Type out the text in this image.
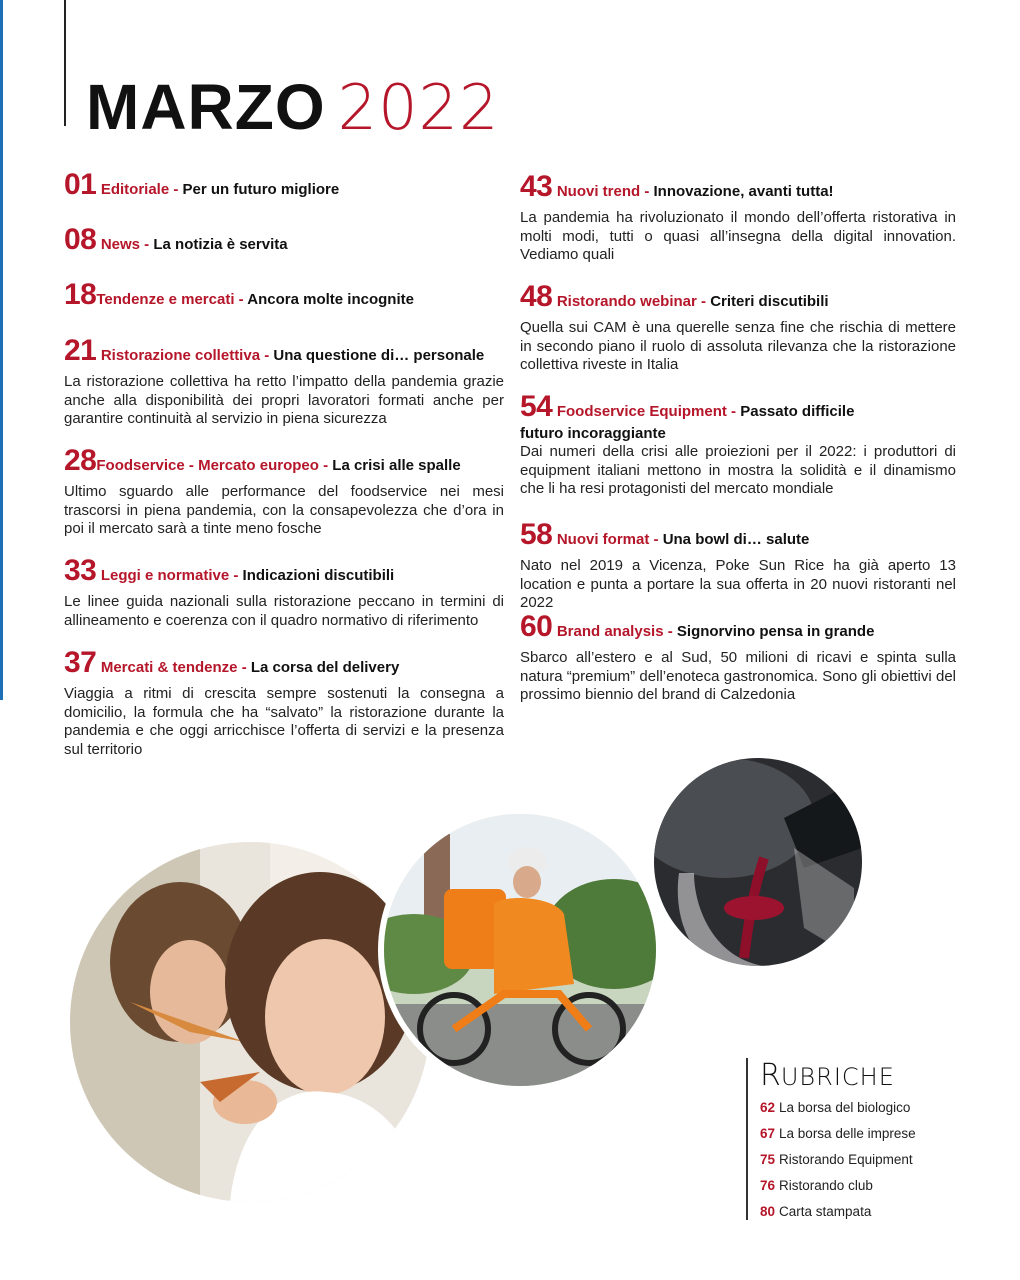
MARZO 2022
01 Editoriale - Per un futuro migliore
08 News - La notizia è servita
18Tendenze e mercati - Ancora molte incognite
21 Ristorazione collettiva - Una questione di… personale

La ristorazione collettiva ha retto l’impatto della pandemia grazie anche alla disponibilità dei propri lavoratori formati anche per garantire continuità al servizio in piena sicurezza

28Foodservice - Mercato europeo - La crisi alle spalle

Ultimo sguardo alle performance del foodservice nei mesi trascorsi in piena pandemia, con la consapevolezza che d’ora in poi il mercato sarà a tinte meno fosche

33 Leggi e normative - Indicazioni discutibili

Le linee guida nazionali sulla ristorazione peccano in termini di allineamento e coerenza con il quadro normativo di riferimento

37 Mercati & tendenze - La corsa del delivery

Viaggia a ritmi di crescita sempre sostenuti la consegna a domicilio, la formula che ha “salvato” la ristorazione durante la pandemia e che oggi arricchisce l’offerta di servizi e la presenza sul territorio

43 Nuovi trend - Innovazione, avanti tutta!

La pandemia ha rivoluzionato il mondo dell’offerta ristorativa in molti modi, tutti o quasi all’insegna della digital innovation. Vediamo quali

48 Ristorando webinar - Criteri discutibili

Quella sui CAM è una querelle senza fine che rischia di mettere in secondo piano il ruolo di assoluta rilevanza che la ristorazione collettiva riveste in Italia

54 Foodservice Equipment - Passato difficile
futuro incoraggiante

Dai numeri della crisi alle proiezioni per il 2022: i produttori di equipment italiani mettono in mostra la solidità e il dinamismo che li ha resi protagonisti del mercato mondiale

58 Nuovi format - Una bowl di… salute

Nato nel 2019 a Vicenza, Poke Sun Rice ha già aperto 13 location e punta a portare la sua offerta in 20 nuovi ristoranti nel 2022

60 Brand analysis - Signorvino pensa in grande

Sbarco all’estero e al Sud, 50 milioni di ricavi e spinta sulla natura “premium” dell’enoteca gastronomica. Sono gli obiettivi del prossimo biennio del brand di Calzedonia

RUBRICHE
62 La borsa del biologico
67 La borsa delle imprese
75 Ristorando Equipment
76 Ristorando club
80 Carta stampata
